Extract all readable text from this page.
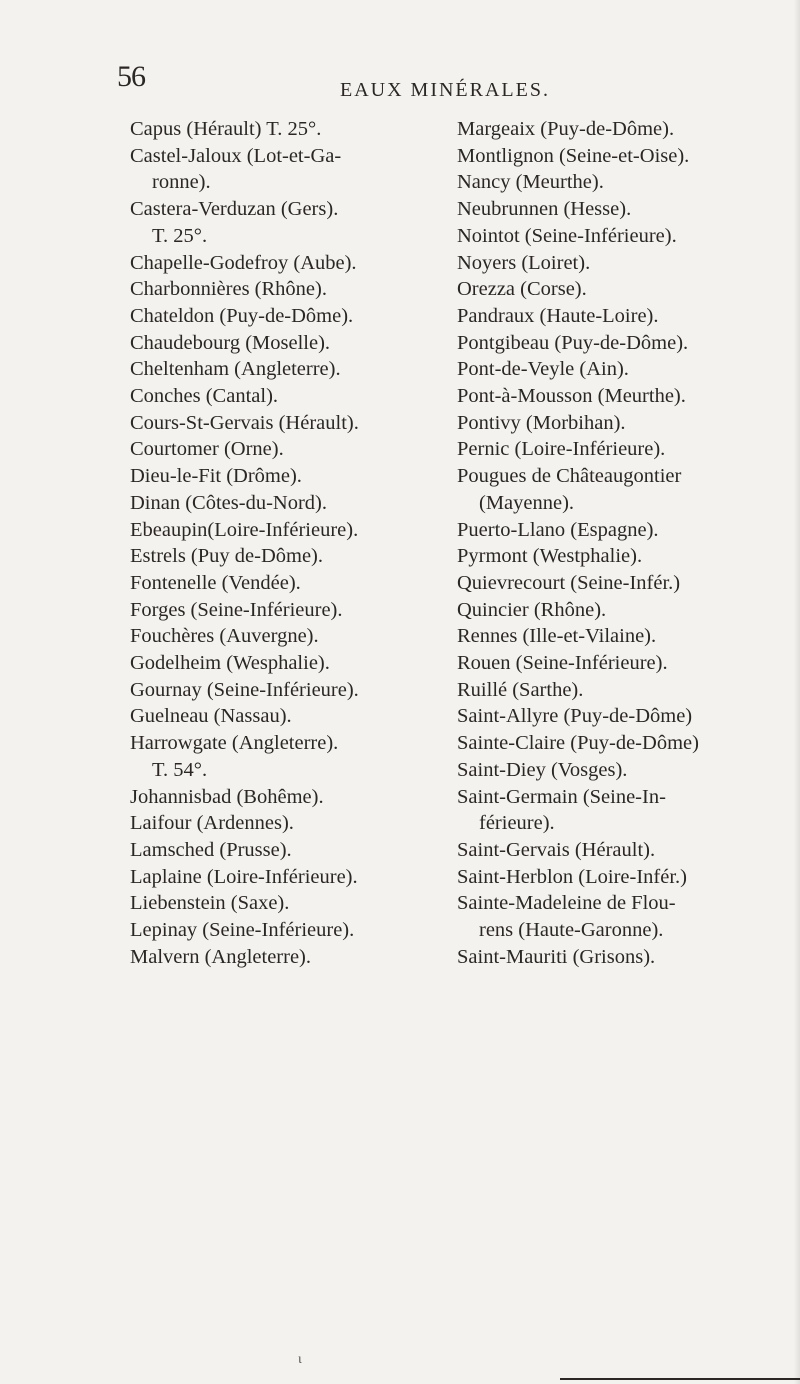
56	EAUX MINÉRALES.
Capus (Hérault) T. 25°.
Castel-Jaloux (Lot-et-Ga-
ronne).
Castera-Verduzan (Gers).
T. 25°.
Chapelle-Godefroy (Aube).
Charbonnières (Rhône).
Chateldon (Puy-de-Dôme).
Chaudebourg (Moselle).
Cheltenham (Angleterre).
Conches (Cantal).
Cours-St-Gervais (Hérault).
Courtomer (Orne).
Dieu-le-Fit (Drôme).
Dinan (Côtes-du-Nord).
Ebeaupin(Loire-Inférieure).
Estrels (Puy de-Dôme).
Fontenelle (Vendée).
Forges (Seine-Inférieure).
Fouchères (Auvergne).
Godelheim (Wesphalie).
Gournay (Seine-Inférieure).
Guelneau (Nassau).
Harrowgate (Angleterre).
T. 54°.
Johannisbad (Bohême).
Laifour (Ardennes).
Lamsched (Prusse).
Laplaine (Loire-Inférieure).
Liebenstein (Saxe).
Lepinay (Seine-Inférieure).
Malvern (Angleterre).
Margeaix (Puy-de-Dôme).
Montlignon (Seine-et-Oise).
Nancy (Meurthe).
Neubrunnen (Hesse).
Nointot (Seine-Inférieure).
Noyers (Loiret).
Orezza (Corse).
Pandraux (Haute-Loire).
Pontgibeau (Puy-de-Dôme).
Pont-de-Veyle (Ain).
Pont-à-Mousson (Meurthe).
Pontivy (Morbihan).
Pernic (Loire-Inférieure).
Pougues de Châteaugontier
(Mayenne).
Puerto-Llano (Espagne).
Pyrmont (Westphalie).
Quievrecourt (Seine-Infér.)
Quincier (Rhône).
Rennes (Ille-et-Vilaine).
Rouen (Seine-Inférieure).
Ruillé (Sarthe).
Saint-Allyre (Puy-de-Dôme)
Sainte-Claire (Puy-de-Dôme)
Saint-Diey (Vosges).
Saint-Germain (Seine-In-
férieure).
Saint-Gervais (Hérault).
Saint-Herblon (Loire-Infér.)
Sainte-Madeleine de Flou-
rens (Haute-Garonne).
Saint-Mauriti (Grisons).
ι
